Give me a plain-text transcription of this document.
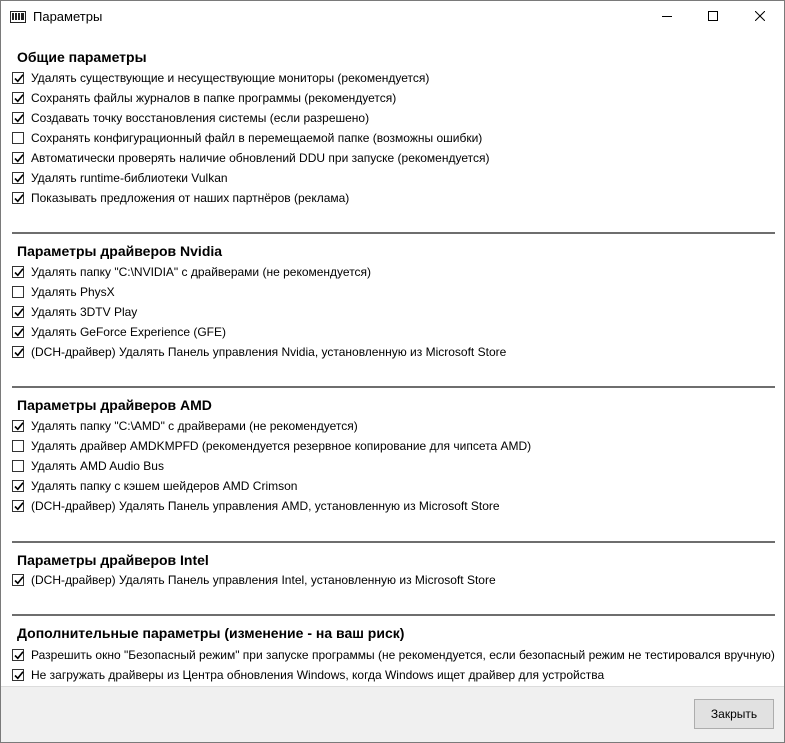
Параметры
Общие параметры
Удалять существующие и несуществующие мониторы (рекомендуется)
Сохранять файлы журналов в папке программы (рекомендуется)
Создавать точку восстановления системы (если разрешено)
Сохранять конфигурационный файл в перемещаемой папке (возможны ошибки)
Автоматически проверять наличие обновлений DDU при запуске (рекомендуется)
Удалять runtime-библиотеки Vulkan
Показывать предложения от наших партнёров (реклама)
Параметры драйверов Nvidia
Удалять папку "C:\NVIDIA" с драйверами (не рекомендуется)
Удалять PhysX
Удалять 3DTV Play
Удалять GeForce Experience (GFE)
(DCH-драйвер) Удалять Панель управления Nvidia, установленную из Microsoft Store
Параметры драйверов AMD
Удалять папку "C:\AMD" с драйверами (не рекомендуется)
Удалять драйвер AMDKMPFD (рекомендуется резервное копирование для чипсета AMD)
Удалять AMD Audio Bus
Удалять папку с кэшем шейдеров AMD Crimson
(DCH-драйвер) Удалять Панель управления AMD, установленную из Microsoft Store
Параметры драйверов Intel
(DCH-драйвер) Удалять Панель управления Intel, установленную из Microsoft Store
Дополнительные параметры (изменение - на ваш риск)
Разрешить окно "Безопасный режим" при запуске программы (не рекомендуется, если безопасный режим не тестировался вручную)
Не загружать драйверы из Центра обновления Windows, когда Windows ищет драйвер для устройства
Закрыть
